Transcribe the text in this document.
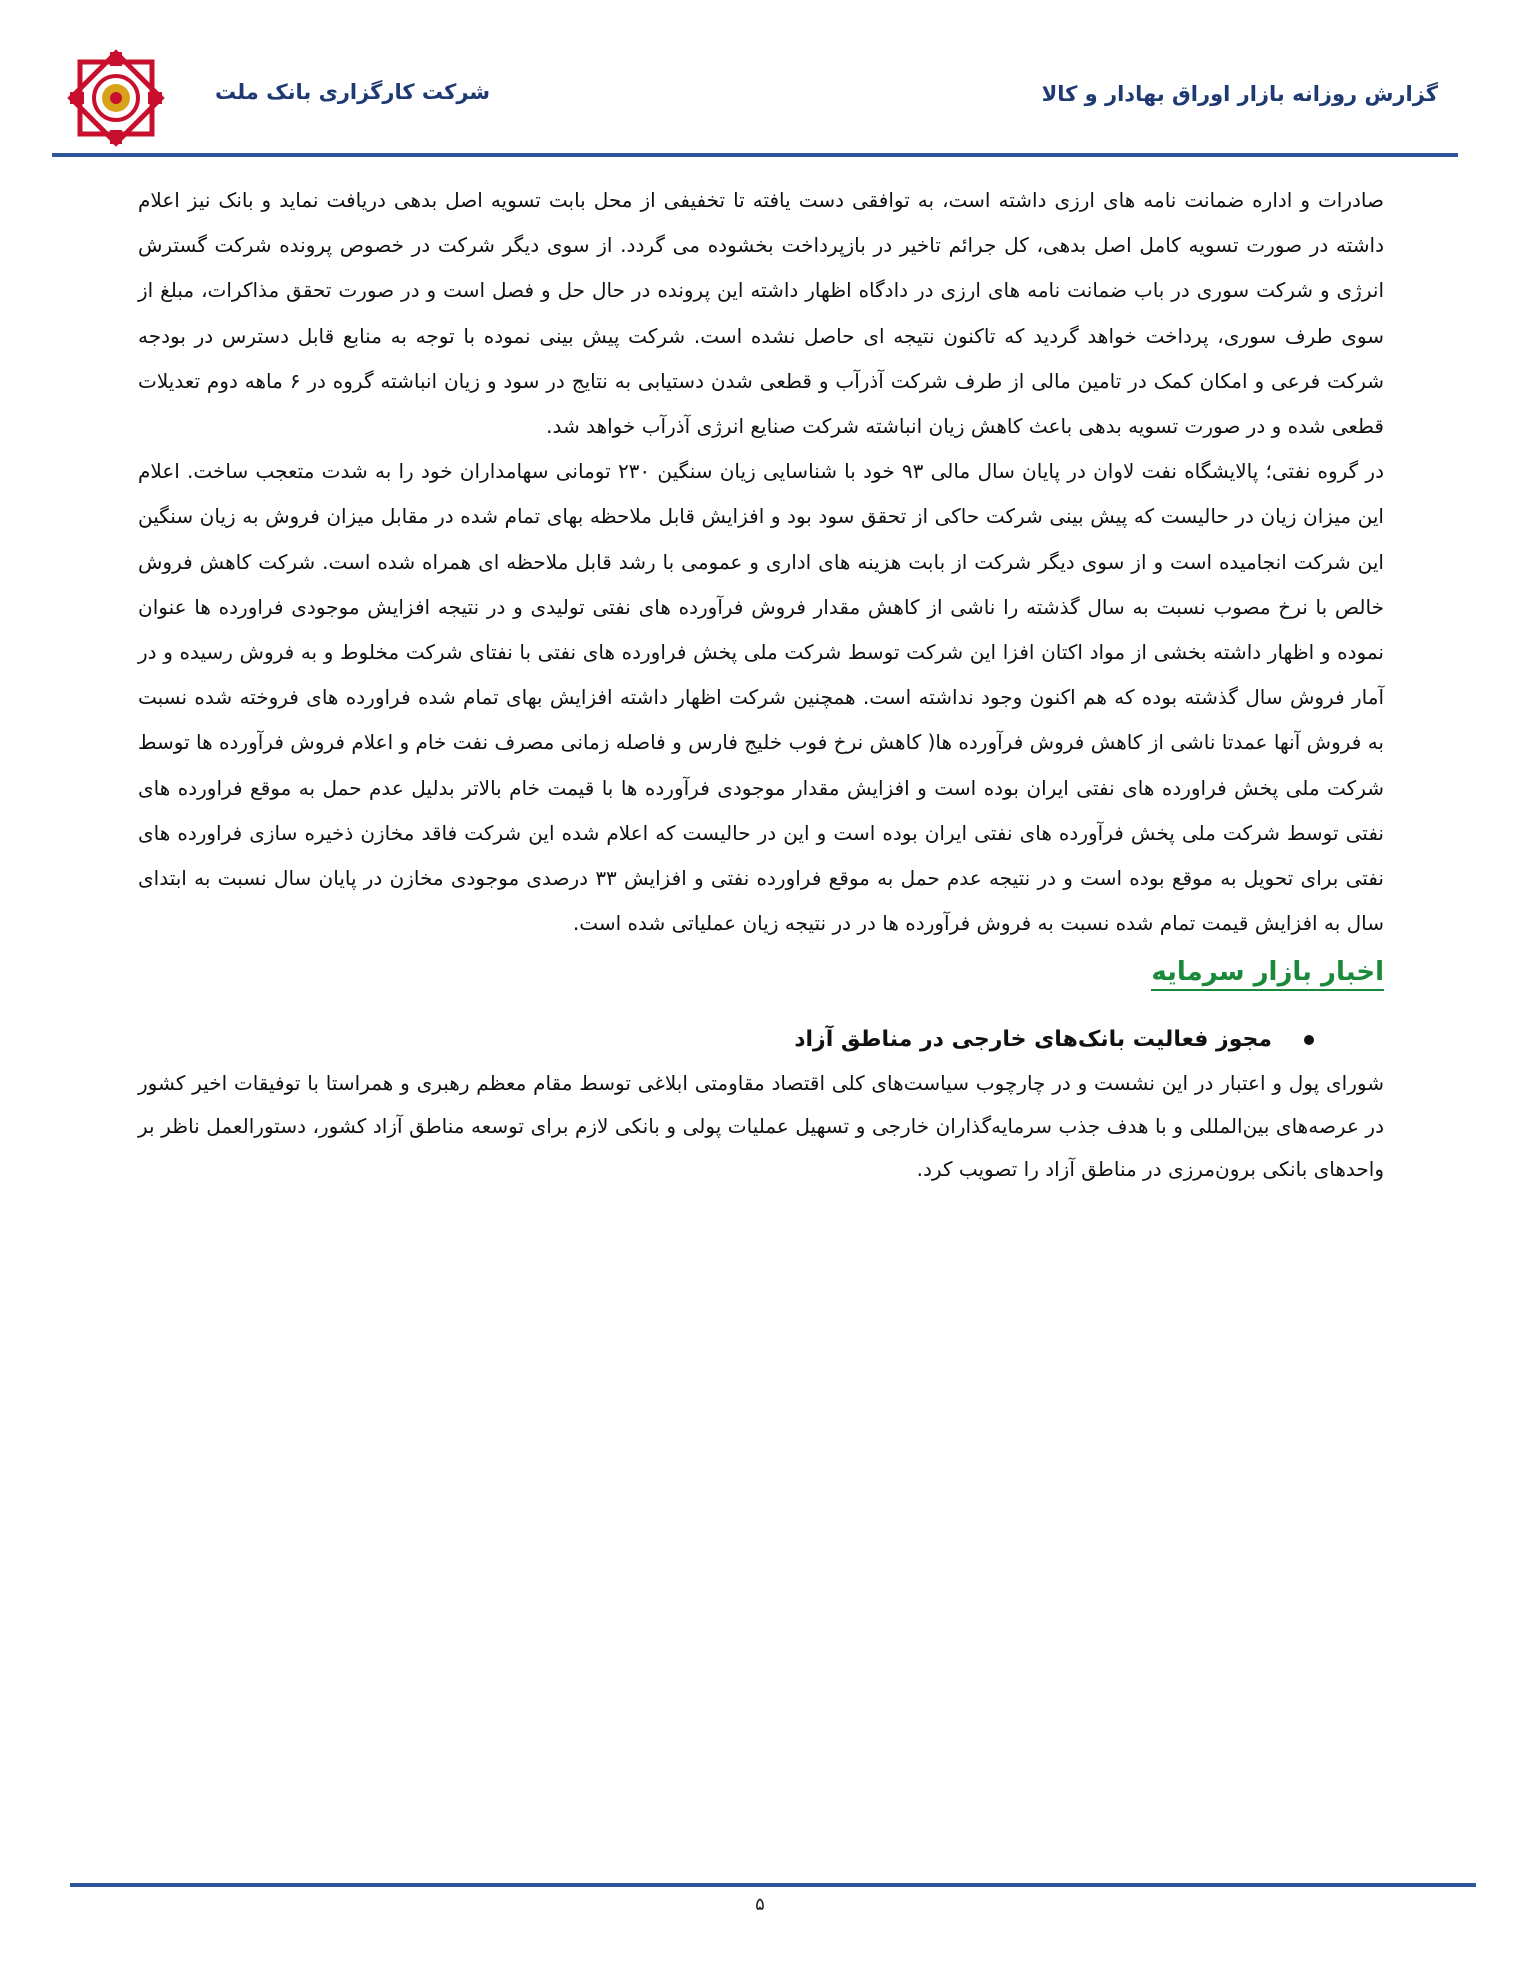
گزارش روزانه بازار اوراق بهادار و کالا
شرکت کارگزاری بانک ملت

صادرات و اداره ضمانت نامه های ارزی داشته است، به توافقی دست یافته تا تخفیفی از محل بابت تسویه اصل بدهی دریافت نماید و بانک نیز اعلام داشته در صورت تسویه کامل اصل بدهی، کل جرائم تاخیر در بازپرداخت بخشوده می گردد. از سوی دیگر شرکت در خصوص پرونده شرکت گسترش انرژی و شرکت سوری در باب ضمانت نامه های ارزی در دادگاه اظهار داشته این پرونده در حال حل و فصل است و در صورت تحقق مذاکرات، مبلغ از سوی طرف سوری، پرداخت خواهد گردید که تاکنون نتیجه ای حاصل نشده است. شرکت پیش بینی نموده با توجه به منابع قابل دسترس در بودجه شرکت فرعی و امکان کمک در تامین مالی از طرف شرکت آذرآب و قطعی شدن دستیابی به نتایج در سود و زیان انباشته گروه در ۶ ماهه دوم تعدیلات قطعی شده و در صورت تسویه بدهی باعث کاهش زیان انباشته شرکت صنایع انرژی آذرآب خواهد شد.

در گروه نفتی؛ پالایشگاه نفت لاوان در پایان سال مالی ۹۳ خود با شناسایی زیان سنگین ۲۳۰ تومانی سهامداران خود را به شدت متعجب ساخت. اعلام این میزان زیان در حالیست که پیش بینی شرکت حاکی از تحقق سود بود و افزایش قابل ملاحظه بهای تمام شده در مقابل میزان فروش به زیان سنگین این شرکت انجامیده است و از سوی دیگر شرکت از بابت هزینه های اداری و عمومی با رشد قابل ملاحظه ای همراه شده است. شرکت کاهش فروش خالص با نرخ مصوب نسبت به سال گذشته را ناشی از کاهش مقدار فروش فرآورده های نفتی تولیدی و در نتیجه افزایش موجودی فراورده ها عنوان نموده و اظهار داشته بخشی از مواد اکتان افزا این شرکت توسط شرکت ملی پخش فراورده های نفتی با نفتای شرکت مخلوط و به فروش رسیده و در آمار فروش سال گذشته بوده که هم اکنون وجود نداشته است. همچنین شرکت اظهار داشته افزایش بهای تمام شده فراورده های فروخته شده نسبت به فروش آنها عمدتا ناشی از کاهش فروش فرآورده ها( کاهش نرخ فوب خلیج فارس و فاصله زمانی مصرف نفت خام و اعلام فروش فرآورده ها توسط شرکت ملی پخش فراورده های نفتی ایران بوده است و افزایش مقدار موجودی فرآورده ها با قیمت خام بالاتر بدلیل عدم حمل به موقع فراورده های نفتی توسط شرکت ملی پخش فرآورده های نفتی ایران بوده است و این در حالیست که اعلام شده این شرکت فاقد مخازن ذخیره سازی فراورده های نفتی برای تحویل به موقع بوده است و در نتیجه عدم حمل به موقع فراورده نفتی و افزایش ۳۳ درصدی موجودی مخازن در پایان سال نسبت به ابتدای سال به افزایش قیمت تمام شده نسبت به فروش فرآورده ها در در نتیجه زیان عملیاتی شده است.

اخبار بازار سرمایه
مجوز فعالیت بانک‌های خارجی در مناطق آزاد

شورای پول و اعتبار در این نشست و در چارچوب سیاست‌های کلی اقتصاد مقاومتی ابلاغی توسط مقام معظم رهبری و همراستا با توفیقات اخیر کشور در عرصه‌های بین‌المللی و با هدف جذب سرمایه‌گذاران خارجی و تسهیل عملیات پولی و بانکی لازم برای توسعه مناطق آزاد کشور، دستورالعمل ناظر بر واحدهای بانکی برون‌مرزی در مناطق آزاد را تصویب کرد.

۵
